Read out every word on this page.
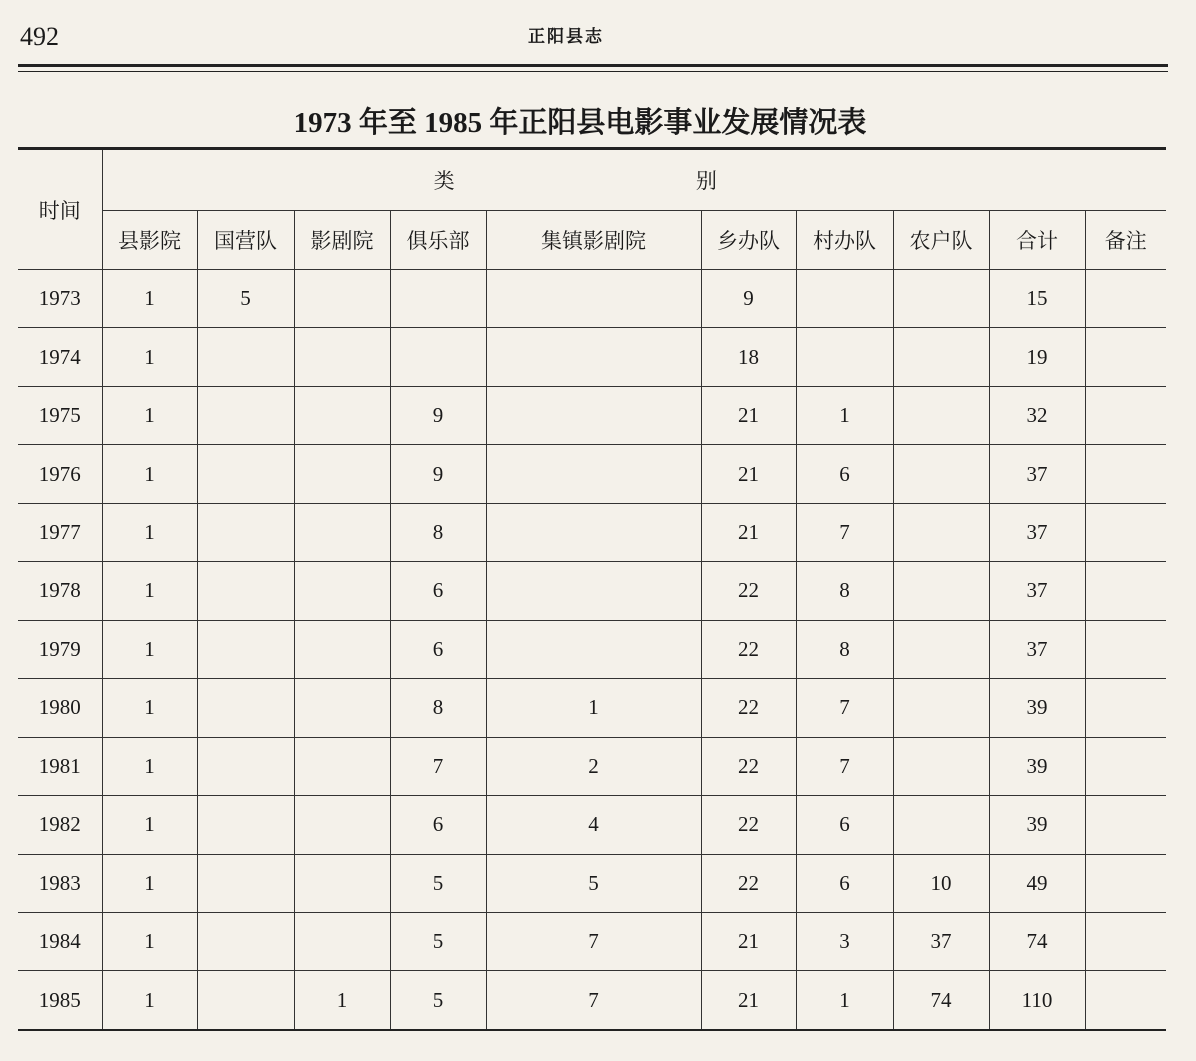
492	正阳县志
1973 年至 1985 年正阳县电影事业发展情况表
时间	类 别									
	县影院	国营队	影剧院	俱乐部	集镇影剧院	乡办队	村办队	农户队	合计	备注
1973	1	5				9			15	
1974	1					18			19	
1975	1			9		21	1		32	
1976	1			9		21	6		37	
1977	1			8		21	7		37	
1978	1			6		22	8		37	
1979	1			6		22	8		37	
1980	1			8	1	22	7		39	
1981	1			7	2	22	7		39	
1982	1			6	4	22	6		39	
1983	1			5	5	22	6	10	49	
1984	1			5	7	21	3	37	74	
1985	1		1	5	7	21	1	74	110	
